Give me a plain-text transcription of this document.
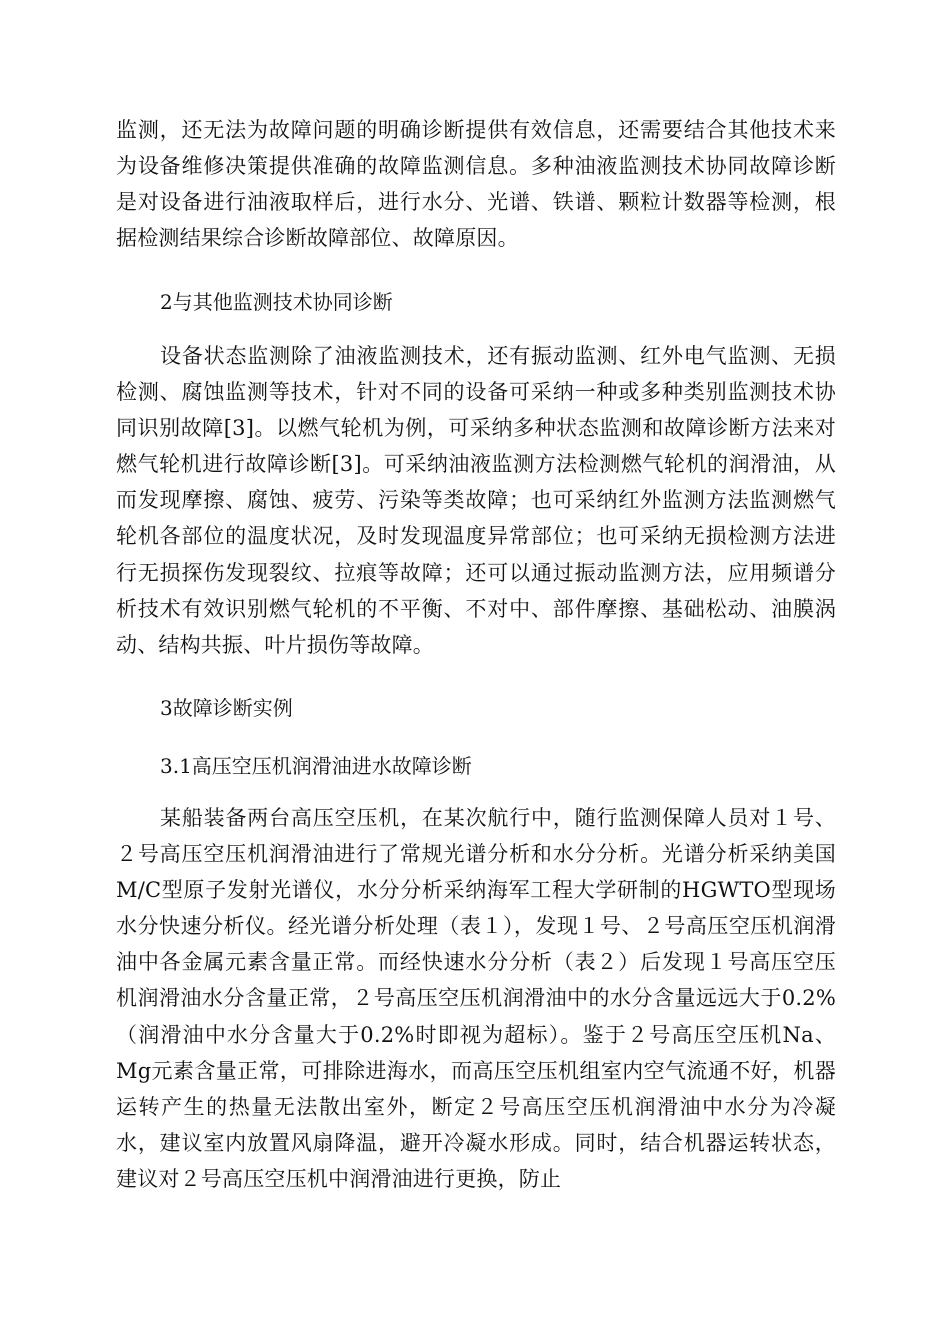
监测，还无法为故障问题的明确诊断提供有效信息，还需要结合其他技术来为设备维修决策提供准确的故障监测信息。多种油液监测技术协同故障诊断是对设备进行油液取样后，进行水分、光谱、铁谱、颗粒计数器等检测，根据检测结果综合诊断故障部位、故障原因。

2与其他监测技术协同诊断

设备状态监测除了油液监测技术，还有振动监测、红外电气监测、无损检测、腐蚀监测等技术，针对不同的设备可采纳一种或多种类别监测技术协同识别故障[3]。以燃气轮机为例，可采纳多种状态监测和故障诊断方法来对燃气轮机进行故障诊断[3]。可采纳油液监测方法检测燃气轮机的润滑油，从而发现摩擦、腐蚀、疲劳、污染等类故障；也可采纳红外监测方法监测燃气轮机各部位的温度状况，及时发现温度异常部位；也可采纳无损检测方法进行无损探伤发现裂纹、拉痕等故障；还可以通过振动监测方法，应用频谱分析技术有效识别燃气轮机的不平衡、不对中、部件摩擦、基础松动、油膜涡动、结构共振、叶片损伤等故障。

3故障诊断实例

3.1高压空压机润滑油进水故障诊断

某船装备两台高压空压机，在某次航行中，随行监测保障人员对１号、２号高压空压机润滑油进行了常规光谱分析和水分分析。光谱分析采纳美国M/C型原子发射光谱仪，水分分析采纳海军工程大学研制的HGWTO型现场水分快速分析仪。经光谱分析处理（表１），发现１号、２号高压空压机润滑油中各金属元素含量正常。而经快速水分分析（表２）后发现１号高压空压机润滑油水分含量正常，２号高压空压机润滑油中的水分含量远远大于0.2%（润滑油中水分含量大于0.2%时即视为超标）。鉴于２号高压空压机Na、Mg元素含量正常，可排除进海水，而高压空压机组室内空气流通不好，机器运转产生的热量无法散出室外，断定２号高压空压机润滑油中水分为冷凝水，建议室内放置风扇降温，避开冷凝水形成。同时，结合机器运转状态，建议对２号高压空压机中润滑油进行更换，防止
